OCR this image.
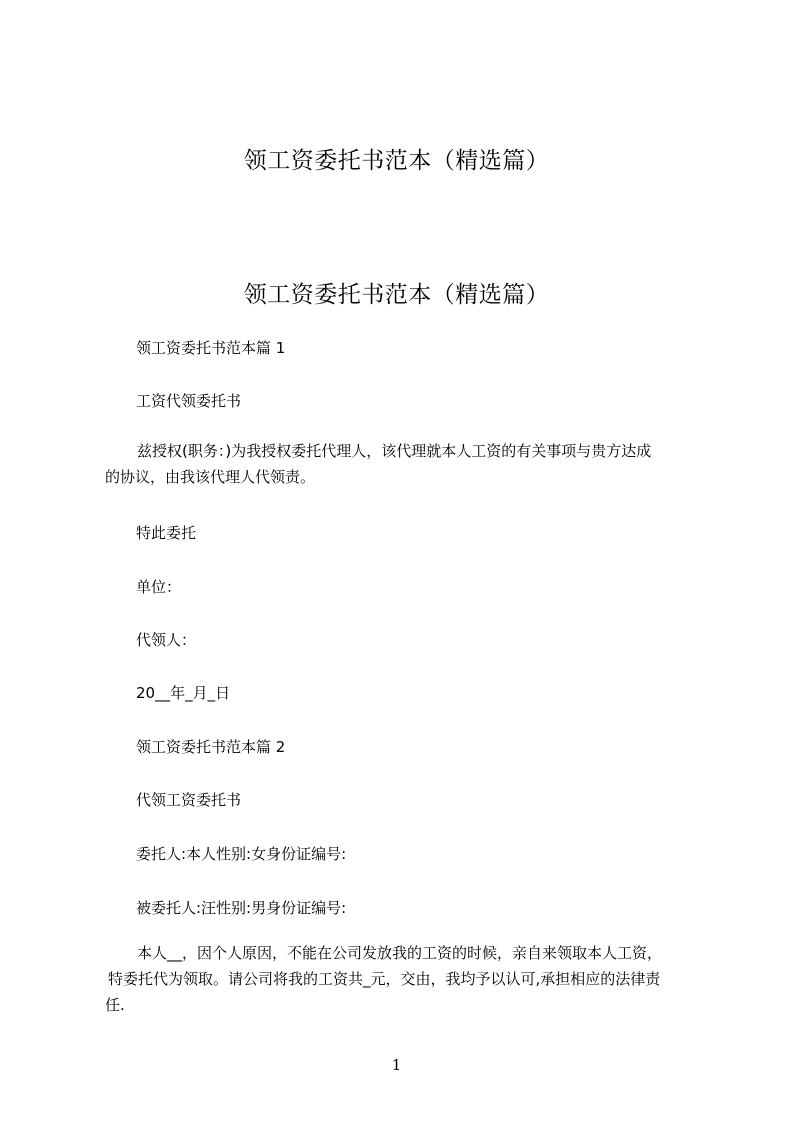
领工资委托书范本（精选篇）
领工资委托书范本（精选篇）
领工资委托书范本篇 1
工资代领委托书
兹授权(职务：)为我授权委托代理人，该代理就本人工资的有关事项与贵方达成
的协议，由我该代理人代领责。
特此委托
单位：
代领人：
20__年_月_日
领工资委托书范本篇 2
代领工资委托书
委托人:本人性别:女身份证编号:
被委托人:汪性别:男身份证编号:
本人__，因个人原因，不能在公司发放我的工资的时候，亲自来领取本人工资，
特委托代为领取。请公司将我的工资共_元，交由，我均予以认可,承担相应的法律责
任.
1
